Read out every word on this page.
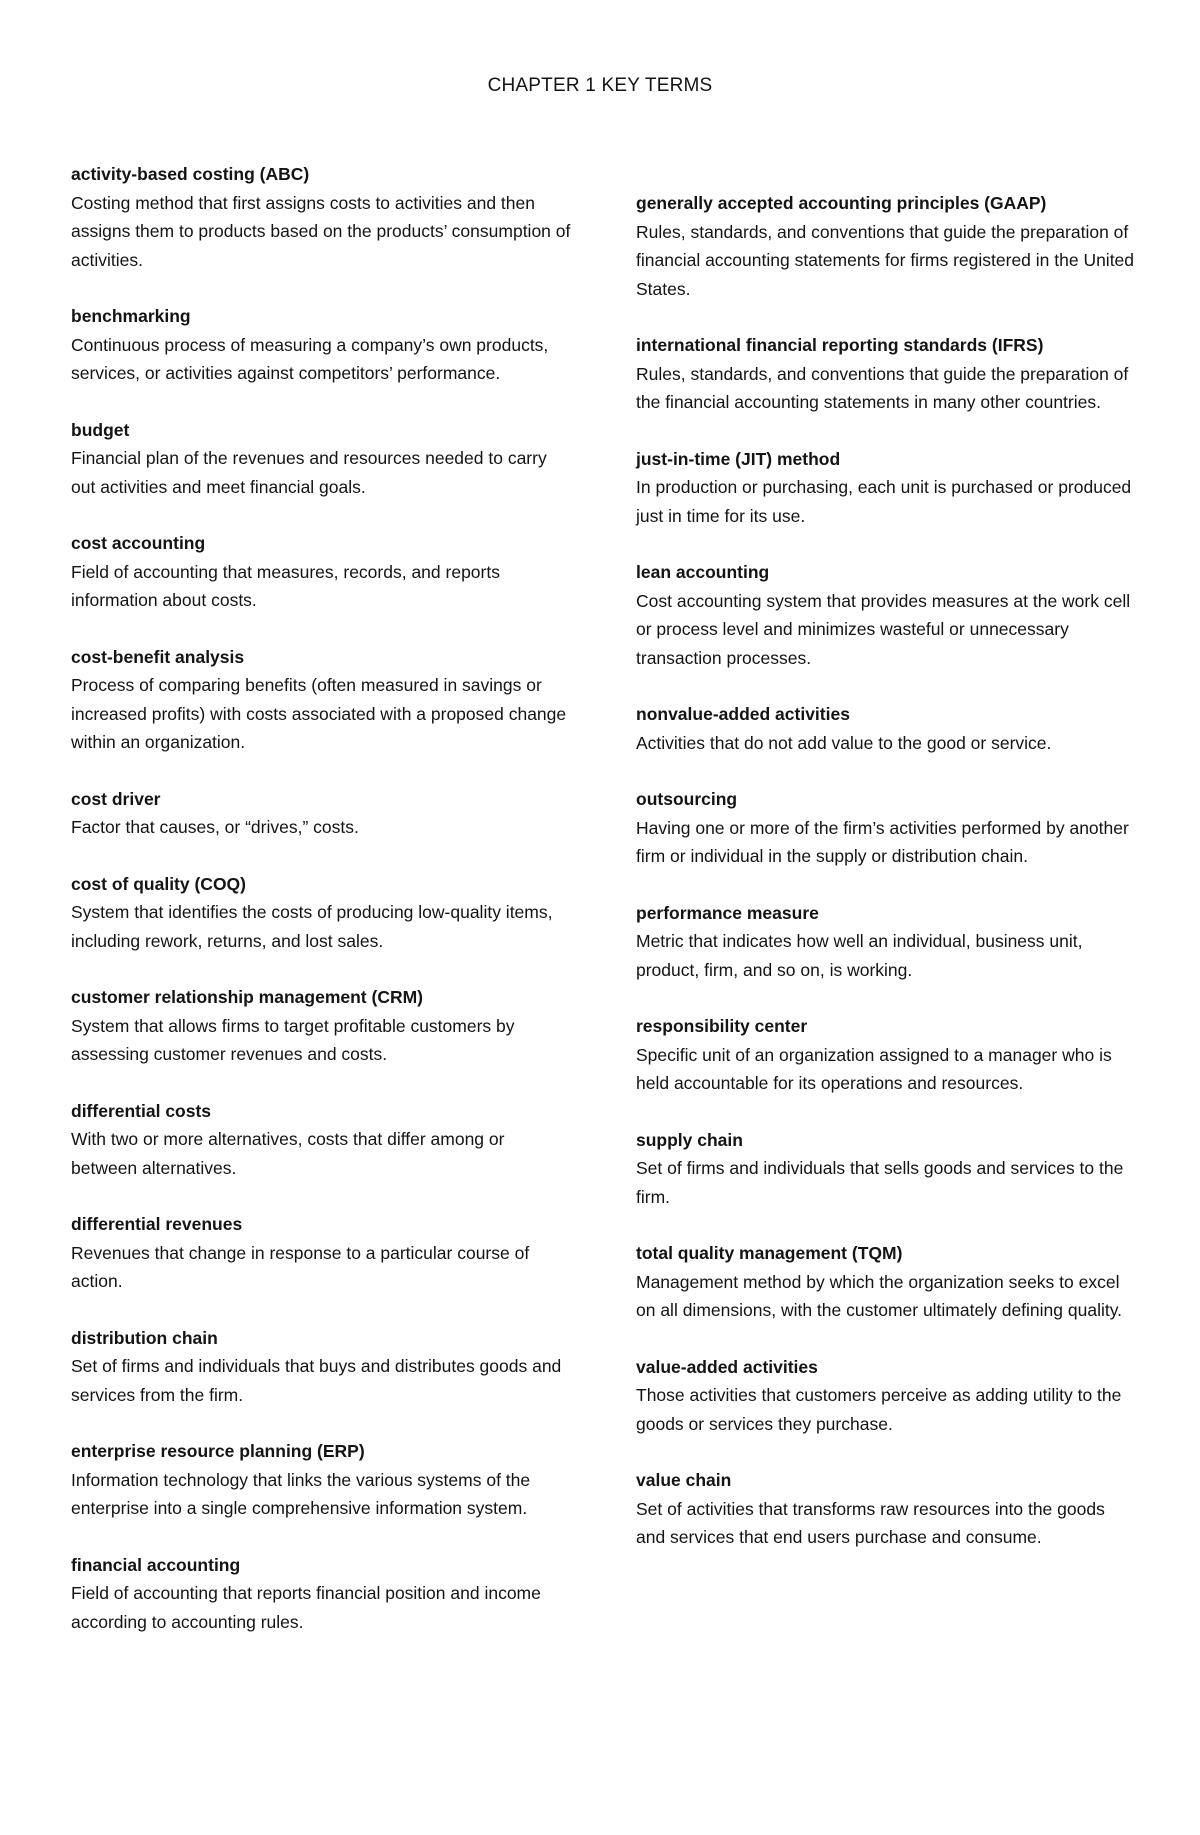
CHAPTER 1 KEY TERMS
activity-based costing (ABC)
Costing method that first assigns costs to activities and then assigns them to products based on the products’ consumption of activities.
benchmarking
Continuous process of measuring a company’s own products, services, or activities against competitors’ performance.
budget
Financial plan of the revenues and resources needed to carry out activities and meet financial goals.
cost accounting
Field of accounting that measures, records, and reports information about costs.
cost-benefit analysis
Process of comparing benefits (often measured in savings or increased profits) with costs associated with a proposed change within an organization.
cost driver
Factor that causes, or “drives,” costs.
cost of quality (COQ)
System that identifies the costs of producing low-quality items, including rework, returns, and lost sales.
customer relationship management (CRM)
System that allows firms to target profitable customers by assessing customer revenues and costs.
differential costs
With two or more alternatives, costs that differ among or between alternatives.
differential revenues
Revenues that change in response to a particular course of action.
distribution chain
Set of firms and individuals that buys and distributes goods and services from the firm.
enterprise resource planning (ERP)
Information technology that links the various systems of the enterprise into a single comprehensive information system.
financial accounting
Field of accounting that reports financial position and income according to accounting rules.
generally accepted accounting principles (GAAP)
Rules, standards, and conventions that guide the preparation of financial accounting statements for firms registered in the United States.
international financial reporting standards (IFRS)
Rules, standards, and conventions that guide the preparation of the financial accounting statements in many other countries.
just-in-time (JIT) method
In production or purchasing, each unit is purchased or produced just in time for its use.
lean accounting
Cost accounting system that provides measures at the work cell or process level and minimizes wasteful or unnecessary transaction processes.
nonvalue-added activities
Activities that do not add value to the good or service.
outsourcing
Having one or more of the firm’s activities performed by another firm or individual in the supply or distribution chain.
performance measure
Metric that indicates how well an individual, business unit, product, firm, and so on, is working.
responsibility center
Specific unit of an organization assigned to a manager who is held accountable for its operations and resources.
supply chain
Set of firms and individuals that sells goods and services to the firm.
total quality management (TQM)
Management method by which the organization seeks to excel on all dimensions, with the customer ultimately defining quality.
value-added activities
Those activities that customers perceive as adding utility to the goods or services they purchase.
value chain
Set of activities that transforms raw resources into the goods and services that end users purchase and consume.
